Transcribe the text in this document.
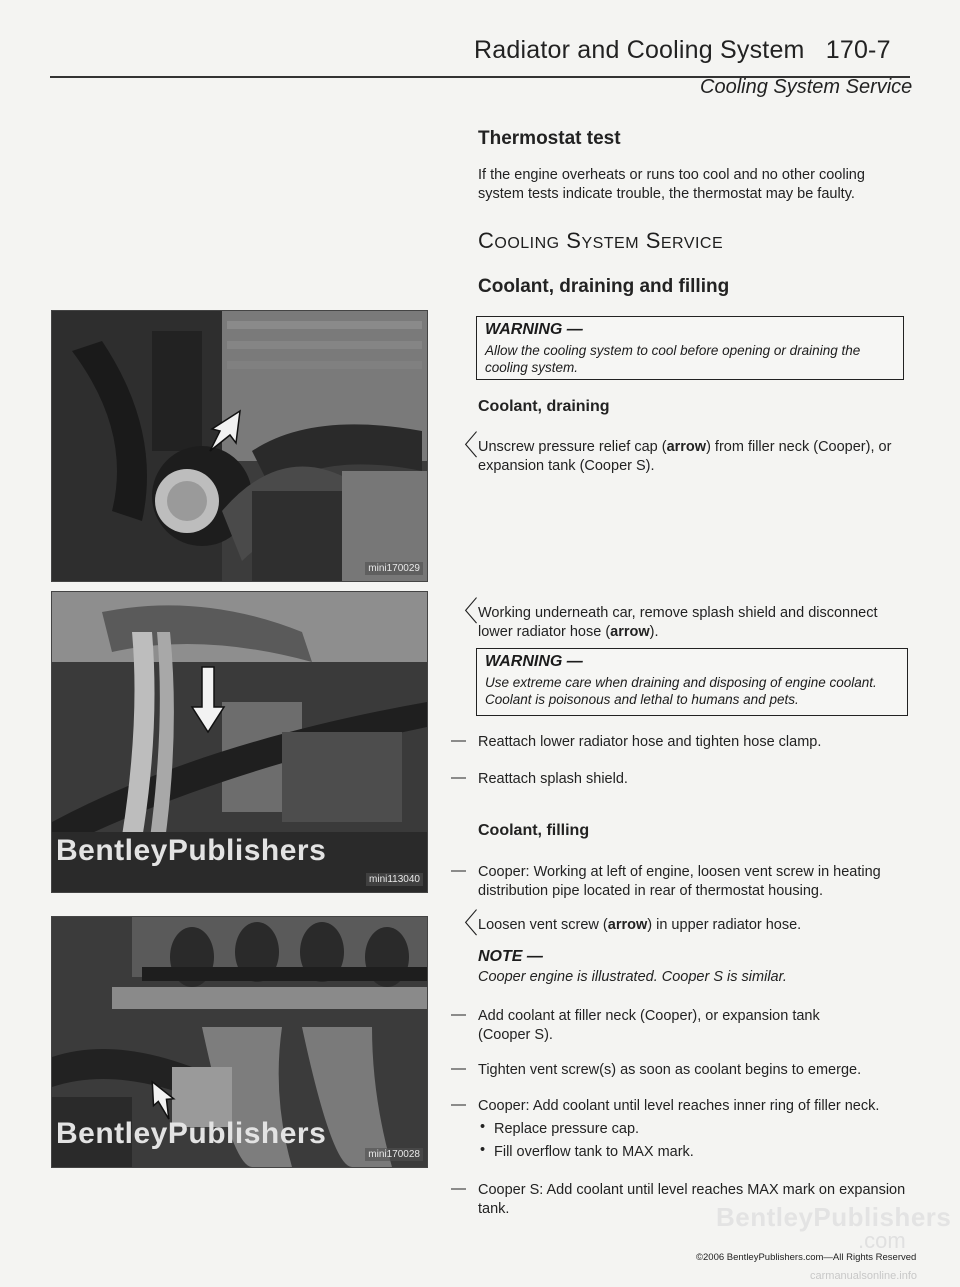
Radiator and Cooling System 170-7
Cooling System Service
Thermostat test
If the engine overheats or runs too cool and no other cooling system tests indicate trouble, the thermostat may be faulty.
COOLING SYSTEM SERVICE
Coolant, draining and filling
WARNING —
Allow the cooling system to cool before opening or draining the cooling system.
Coolant, draining
〈 Unscrew pressure relief cap (arrow) from filler neck (Cooper), or expansion tank (Cooper S).
〈 Working underneath car, remove splash shield and disconnect lower radiator hose (arrow).
WARNING —
Use extreme care when draining and disposing of engine coolant. Coolant is poisonous and lethal to humans and pets.
— Reattach lower radiator hose and tighten hose clamp.
— Reattach splash shield.
Coolant, filling
— Cooper: Working at left of engine, loosen vent screw in heating distribution pipe located in rear of thermostat housing.
〈 Loosen vent screw (arrow) in upper radiator hose.
NOTE —
Cooper engine is illustrated. Cooper S is similar.
— Add coolant at filler neck (Cooper), or expansion tank (Cooper S).
— Tighten vent screw(s) as soon as coolant begins to emerge.
— Cooper: Add coolant until level reaches inner ring of filler neck.
• Replace pressure cap.
• Fill overflow tank to MAX mark.
— Cooper S: Add coolant until level reaches MAX mark on expansion tank.
mini170029
BentleyPublishers
mini113040
BentleyPublishers
mini170028
BentleyPublishers
.com
©2006 BentleyPublishers.com—All Rights Reserved
carmanualsonline.info
